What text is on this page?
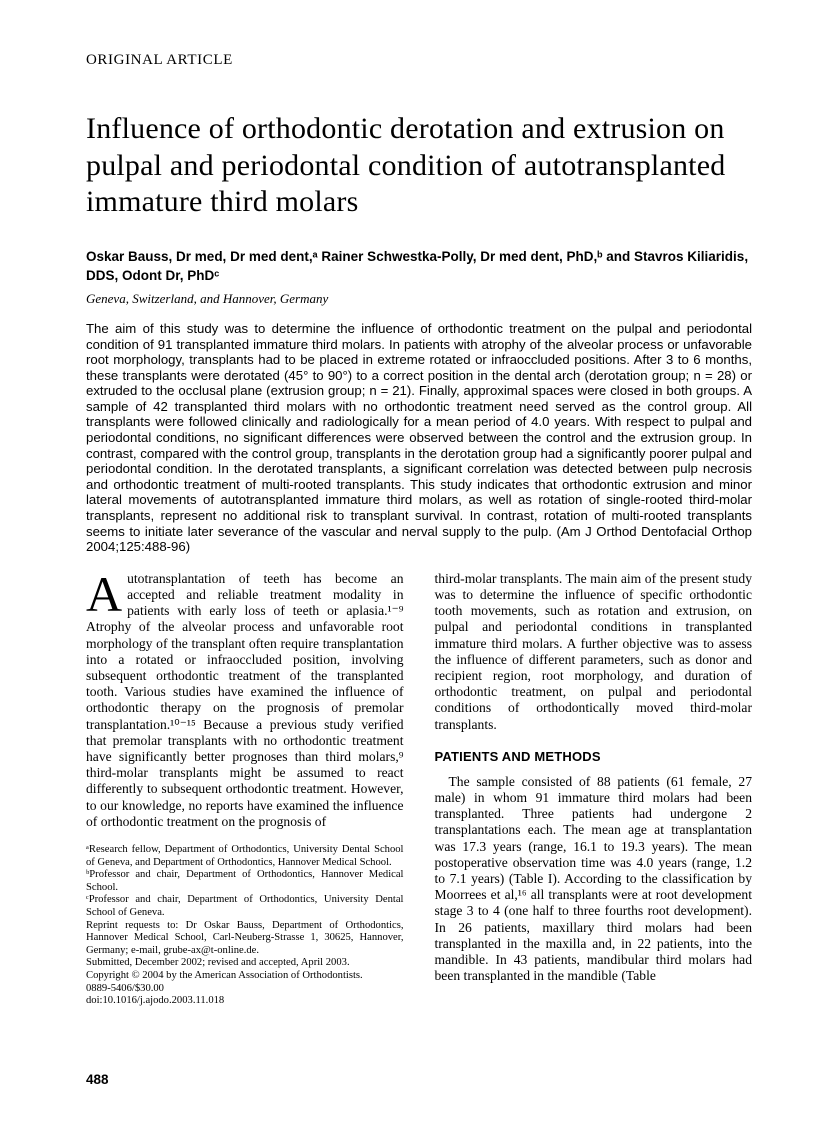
ORIGINAL ARTICLE
Influence of orthodontic derotation and extrusion on pulpal and periodontal condition of autotransplanted immature third molars

Oskar Bauss, Dr med, Dr med dent,ᵃ Rainer Schwestka-Polly, Dr med dent, PhD,ᵇ and Stavros Kiliaridis, DDS, Odont Dr, PhDᶜ

Geneva, Switzerland, and Hannover, Germany

The aim of this study was to determine the influence of orthodontic treatment on the pulpal and periodontal condition of 91 transplanted immature third molars. In patients with atrophy of the alveolar process or unfavorable root morphology, transplants had to be placed in extreme rotated or infraoccluded positions. After 3 to 6 months, these transplants were derotated (45° to 90°) to a correct position in the dental arch (derotation group; n = 28) or extruded to the occlusal plane (extrusion group; n = 21). Finally, approximal spaces were closed in both groups. A sample of 42 transplanted third molars with no orthodontic treatment need served as the control group. All transplants were followed clinically and radiologically for a mean period of 4.0 years. With respect to pulpal and periodontal conditions, no significant differences were observed between the control and the extrusion group. In contrast, compared with the control group, transplants in the derotation group had a significantly poorer pulpal and periodontal condition. In the derotated transplants, a significant correlation was detected between pulp necrosis and orthodontic treatment of multi-rooted transplants. This study indicates that orthodontic extrusion and minor lateral movements of autotransplanted immature third molars, as well as rotation of single-rooted third-molar transplants, represent no additional risk to transplant survival. In contrast, rotation of multi-rooted transplants seems to initiate later severance of the vascular and nerval supply to the pulp. (Am J Orthod Dentofacial Orthop 2004;125:488-96)

Autotransplantation of teeth has become an accepted and reliable treatment modality in patients with early loss of teeth or aplasia.¹⁻⁹ Atrophy of the alveolar process and unfavorable root morphology of the transplant often require transplantation into a rotated or infraoccluded position, involving subsequent orthodontic treatment of the transplanted tooth. Various studies have examined the influence of orthodontic therapy on the prognosis of premolar transplantation.¹⁰⁻¹⁵ Because a previous study verified that premolar transplants with no orthodontic treatment have significantly better prognoses than third molars,⁹ third-molar transplants might be assumed to react differently to subsequent orthodontic treatment. However, to our knowledge, no reports have examined the influence of orthodontic treatment on the prognosis of

ᵃResearch fellow, Department of Orthodontics, University Dental School of Geneva, and Department of Orthodontics, Hannover Medical School.

ᵇProfessor and chair, Department of Orthodontics, Hannover Medical School.

ᶜProfessor and chair, Department of Orthodontics, University Dental School of Geneva.

Reprint requests to: Dr Oskar Bauss, Department of Orthodontics, Hannover Medical School, Carl-Neuberg-Strasse 1, 30625, Hannover, Germany; e-mail, grube-ax@t-online.de.

Submitted, December 2002; revised and accepted, April 2003.

Copyright © 2004 by the American Association of Orthodontists.

0889-5406/$30.00

doi:10.1016/j.ajodo.2003.11.018

third-molar transplants. The main aim of the present study was to determine the influence of specific orthodontic tooth movements, such as rotation and extrusion, on pulpal and periodontal conditions in transplanted immature third molars. A further objective was to assess the influence of different parameters, such as donor and recipient region, root morphology, and duration of orthodontic treatment, on pulpal and periodontal conditions of orthodontically moved third-molar transplants.

PATIENTS AND METHODS

The sample consisted of 88 patients (61 female, 27 male) in whom 91 immature third molars had been transplanted. Three patients had undergone 2 transplantations each. The mean age at transplantation was 17.3 years (range, 16.1 to 19.3 years). The mean postoperative observation time was 4.0 years (range, 1.2 to 7.1 years) (Table I). According to the classification by Moorrees et al,¹⁶ all transplants were at root development stage 3 to 4 (one half to three fourths root development). In 26 patients, maxillary third molars had been transplanted in the maxilla and, in 22 patients, into the mandible. In 43 patients, mandibular third molars had been transplanted in the mandible (Table

488
